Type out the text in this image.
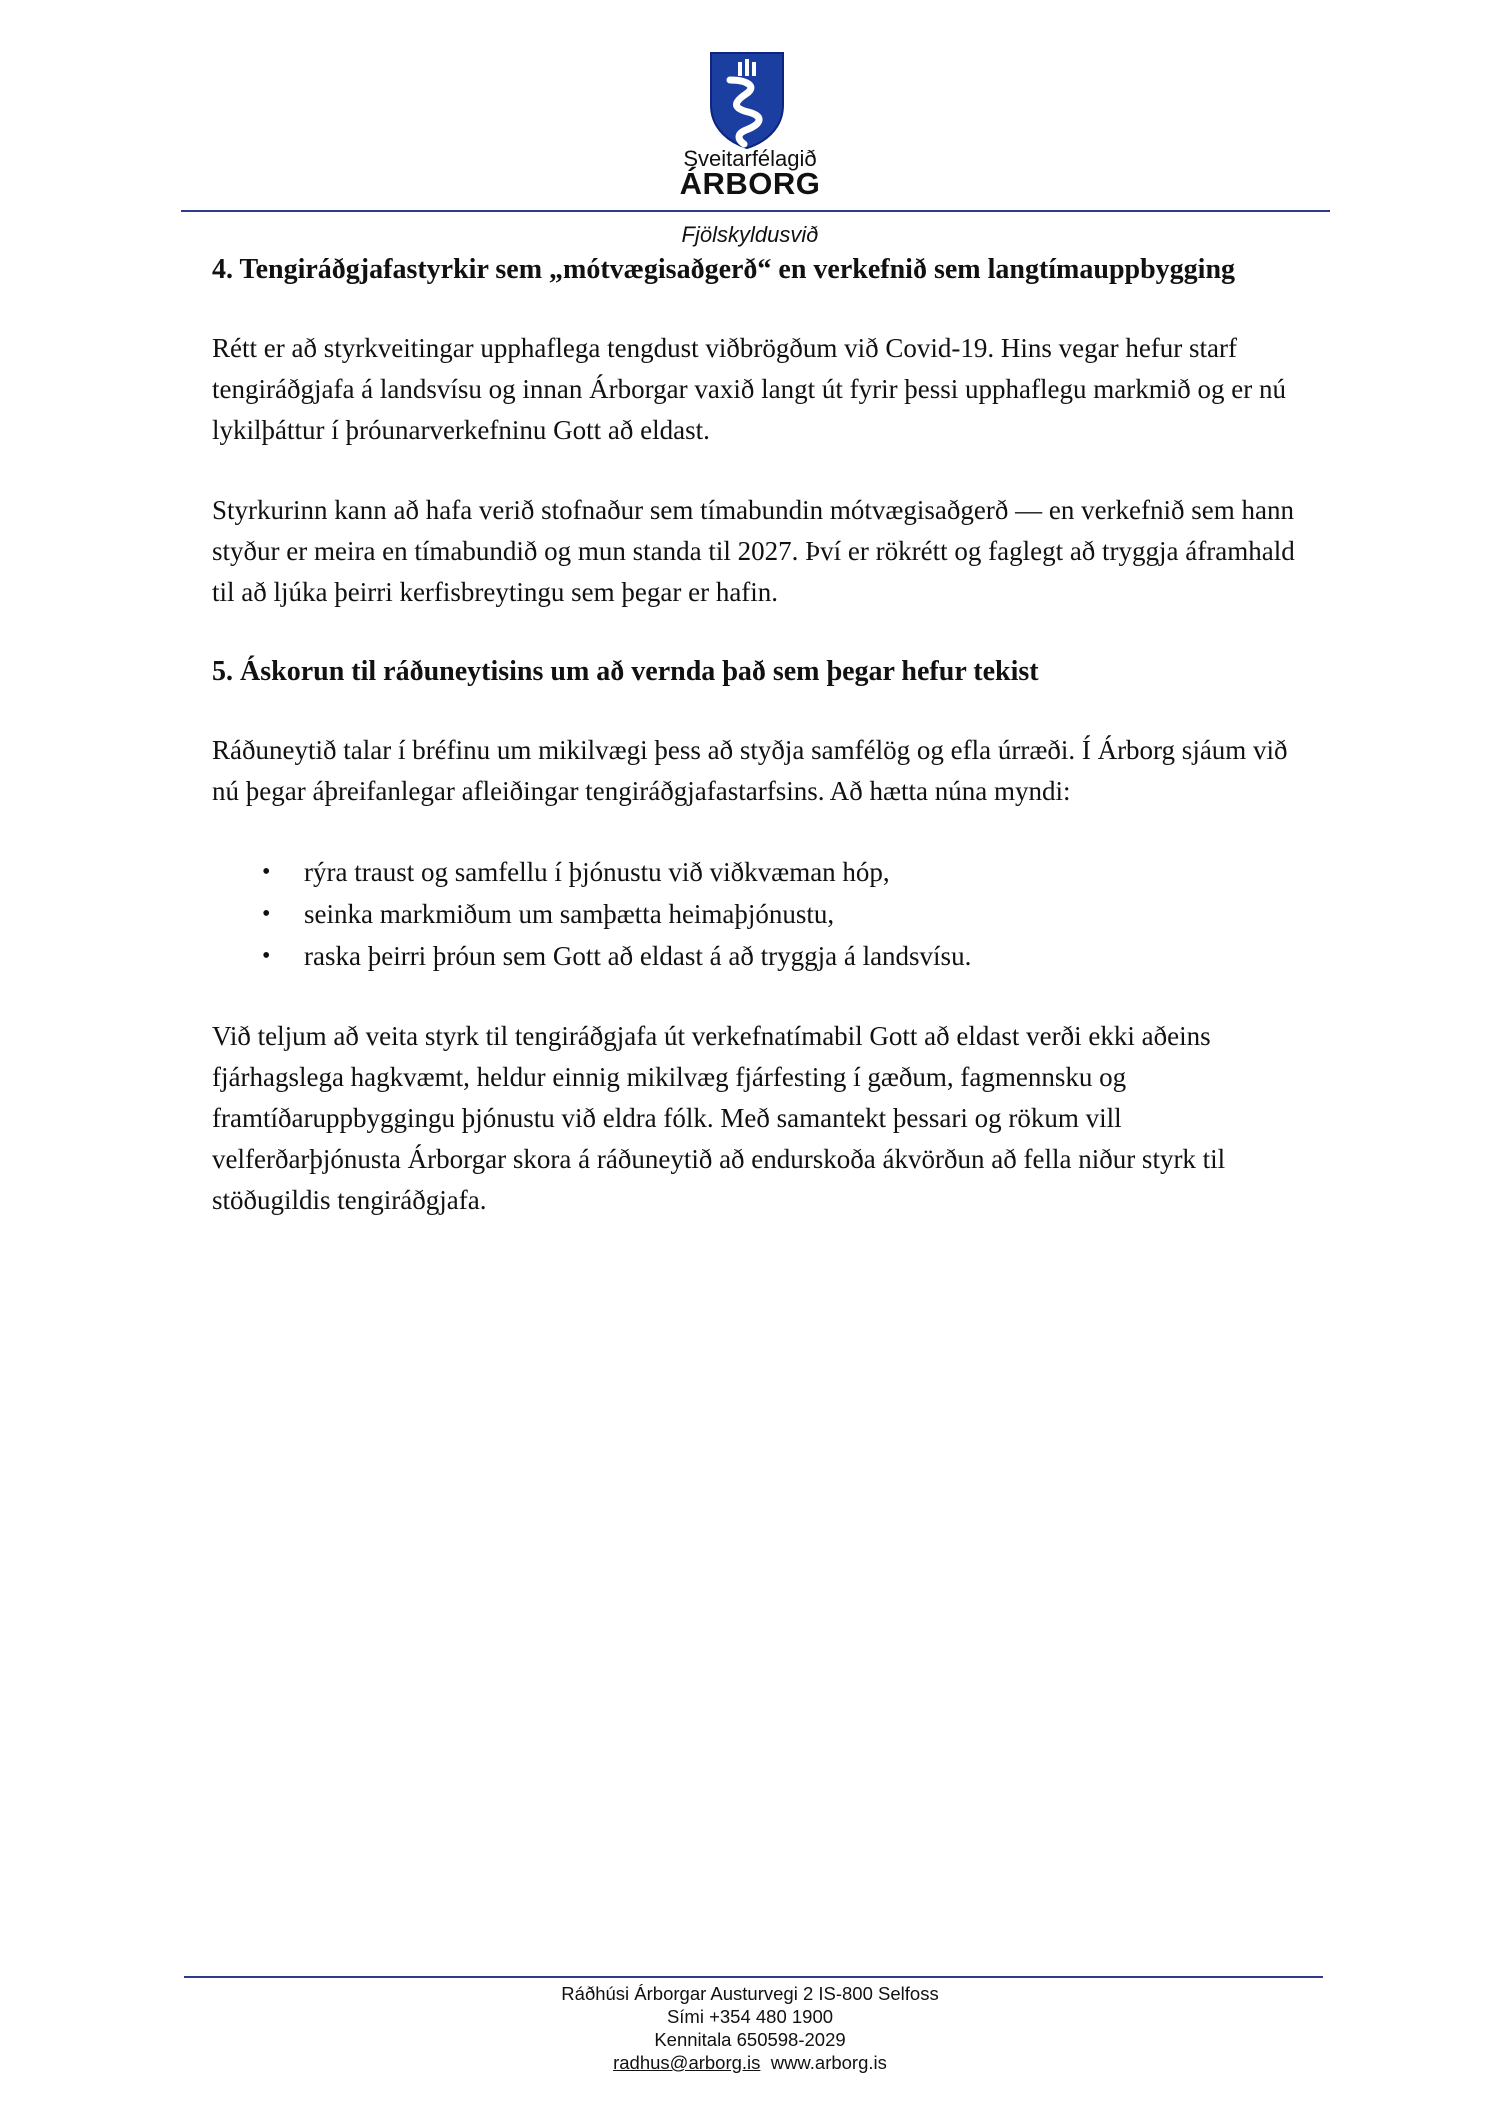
Sveitarfélagið
ÁRBORG
Fjölskyldusvið
4. Tengiráðgjafastyrkir sem „mótvægisaðgerð“ en verkefnið sem langtímauppbygging

Rétt er að styrkveitingar upphaflega tengdust viðbrögðum við Covid-19. Hins vegar hefur starf
tengiráðgjafa á landsvísu og innan Árborgar vaxið langt út fyrir þessi upphaflegu markmið og er nú
lykilþáttur í þróunarverkefninu Gott að eldast.

Styrkurinn kann að hafa verið stofnaður sem tímabundin mótvægisaðgerð — en verkefnið sem hann
styður er meira en tímabundið og mun standa til 2027. Því er rökrétt og faglegt að tryggja áframhald
til að ljúka þeirri kerfisbreytingu sem þegar er hafin.

5. Áskorun til ráðuneytisins um að vernda það sem þegar hefur tekist

Ráðuneytið talar í bréfinu um mikilvægi þess að styðja samfélög og efla úrræði. Í Árborg sjáum við
nú þegar áþreifanlegar afleiðingar tengiráðgjafastarfsins. Að hætta núna myndi:

•	rýra traust og samfellu í þjónustu við viðkvæman hóp,
•	seinka markmiðum um samþætta heimaþjónustu,
•	raska þeirri þróun sem Gott að eldast á að tryggja á landsvísu.

Við teljum að veita styrk til tengiráðgjafa út verkefnatímabil Gott að eldast verði ekki aðeins
fjárhagslega hagkvæmt, heldur einnig mikilvæg fjárfesting í gæðum, fagmennsku og
framtíðaruppbyggingu þjónustu við eldra fólk. Með samantekt þessari og rökum vill
velferðarþjónusta Árborgar skora á ráðuneytið að endurskoða ákvörðun að fella niður styrk til
stöðugildis tengiráðgjafa.

Ráðhúsi Árborgar Austurvegi 2 IS-800 Selfoss
Sími +354 480 1900
Kennitala 650598-2029
radhus@arborg.is www.arborg.is
